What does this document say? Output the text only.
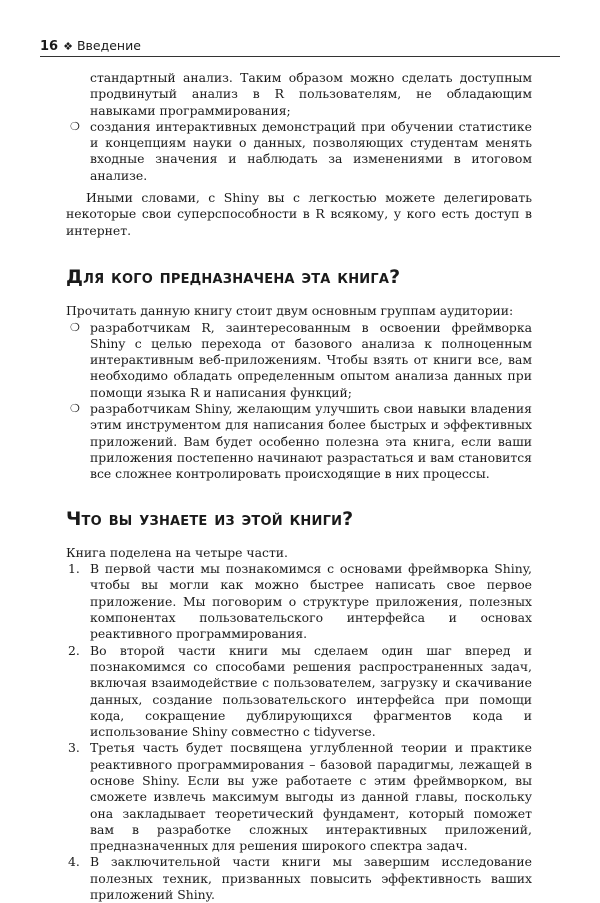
16 ❖ Введение
стандартный анализ. Таким образом можно сделать доступным продвинутый анализ в R пользователям, не обладающим навыками программирования;
❍ создания интерактивных демонстраций при обучении статистике и концепциям науки о данных, позволяющих студентам менять входные значения и наблюдать за изменениями в итоговом анализе.

Иными словами, с Shiny вы с легкостью можете делегировать некоторые свои суперспособности в R всякому, у кого есть доступ в интернет.

Для кого предназначена эта книга?

Прочитать данную книгу стоит двум основным группам аудитории:

❍ разработчикам R, заинтересованным в освоении фреймворка Shiny с целью перехода от базового анализа к полноценным интерактивным веб-приложениям. Чтобы взять от книги все, вам необходимо обладать определенным опытом анализа данных при помощи языка R и написания функций;
❍ разработчикам Shiny, желающим улучшить свои навыки владения этим инструментом для написания более быстрых и эффективных приложений. Вам будет особенно полезна эта книга, если ваши приложения постепенно начинают разрастаться и вам становится все сложнее контролировать происходящие в них процессы.
Что вы узнаете из этой книги?

Книга поделена на четыре части.

1. В первой части мы познакомимся с основами фреймворка Shiny, чтобы вы могли как можно быстрее написать свое первое приложение. Мы поговорим о структуре приложения, полезных компонентах пользовательского интерфейса и основах реактивного программирования.
2. Во второй части книги мы сделаем один шаг вперед и познакомимся со способами решения распространенных задач, включая взаимодействие с пользователем, загрузку и скачивание данных, создание пользовательского интерфейса при помощи кода, сокращение дублирующихся фрагментов кода и использование Shiny совместно с tidyverse.
3. Третья часть будет посвящена углубленной теории и практике реактивного программирования – базовой парадигмы, лежащей в основе Shiny. Если вы уже работаете с этим фреймворком, вы сможете извлечь максимум выгоды из данной главы, поскольку она закладывает теоретический фундамент, который поможет вам в разработке сложных интерактивных приложений, предназначенных для решения широкого спектра задач.
4. В заключительной части книги мы завершим исследование полезных техник, призванных повысить эффективность ваших приложений Shiny.
